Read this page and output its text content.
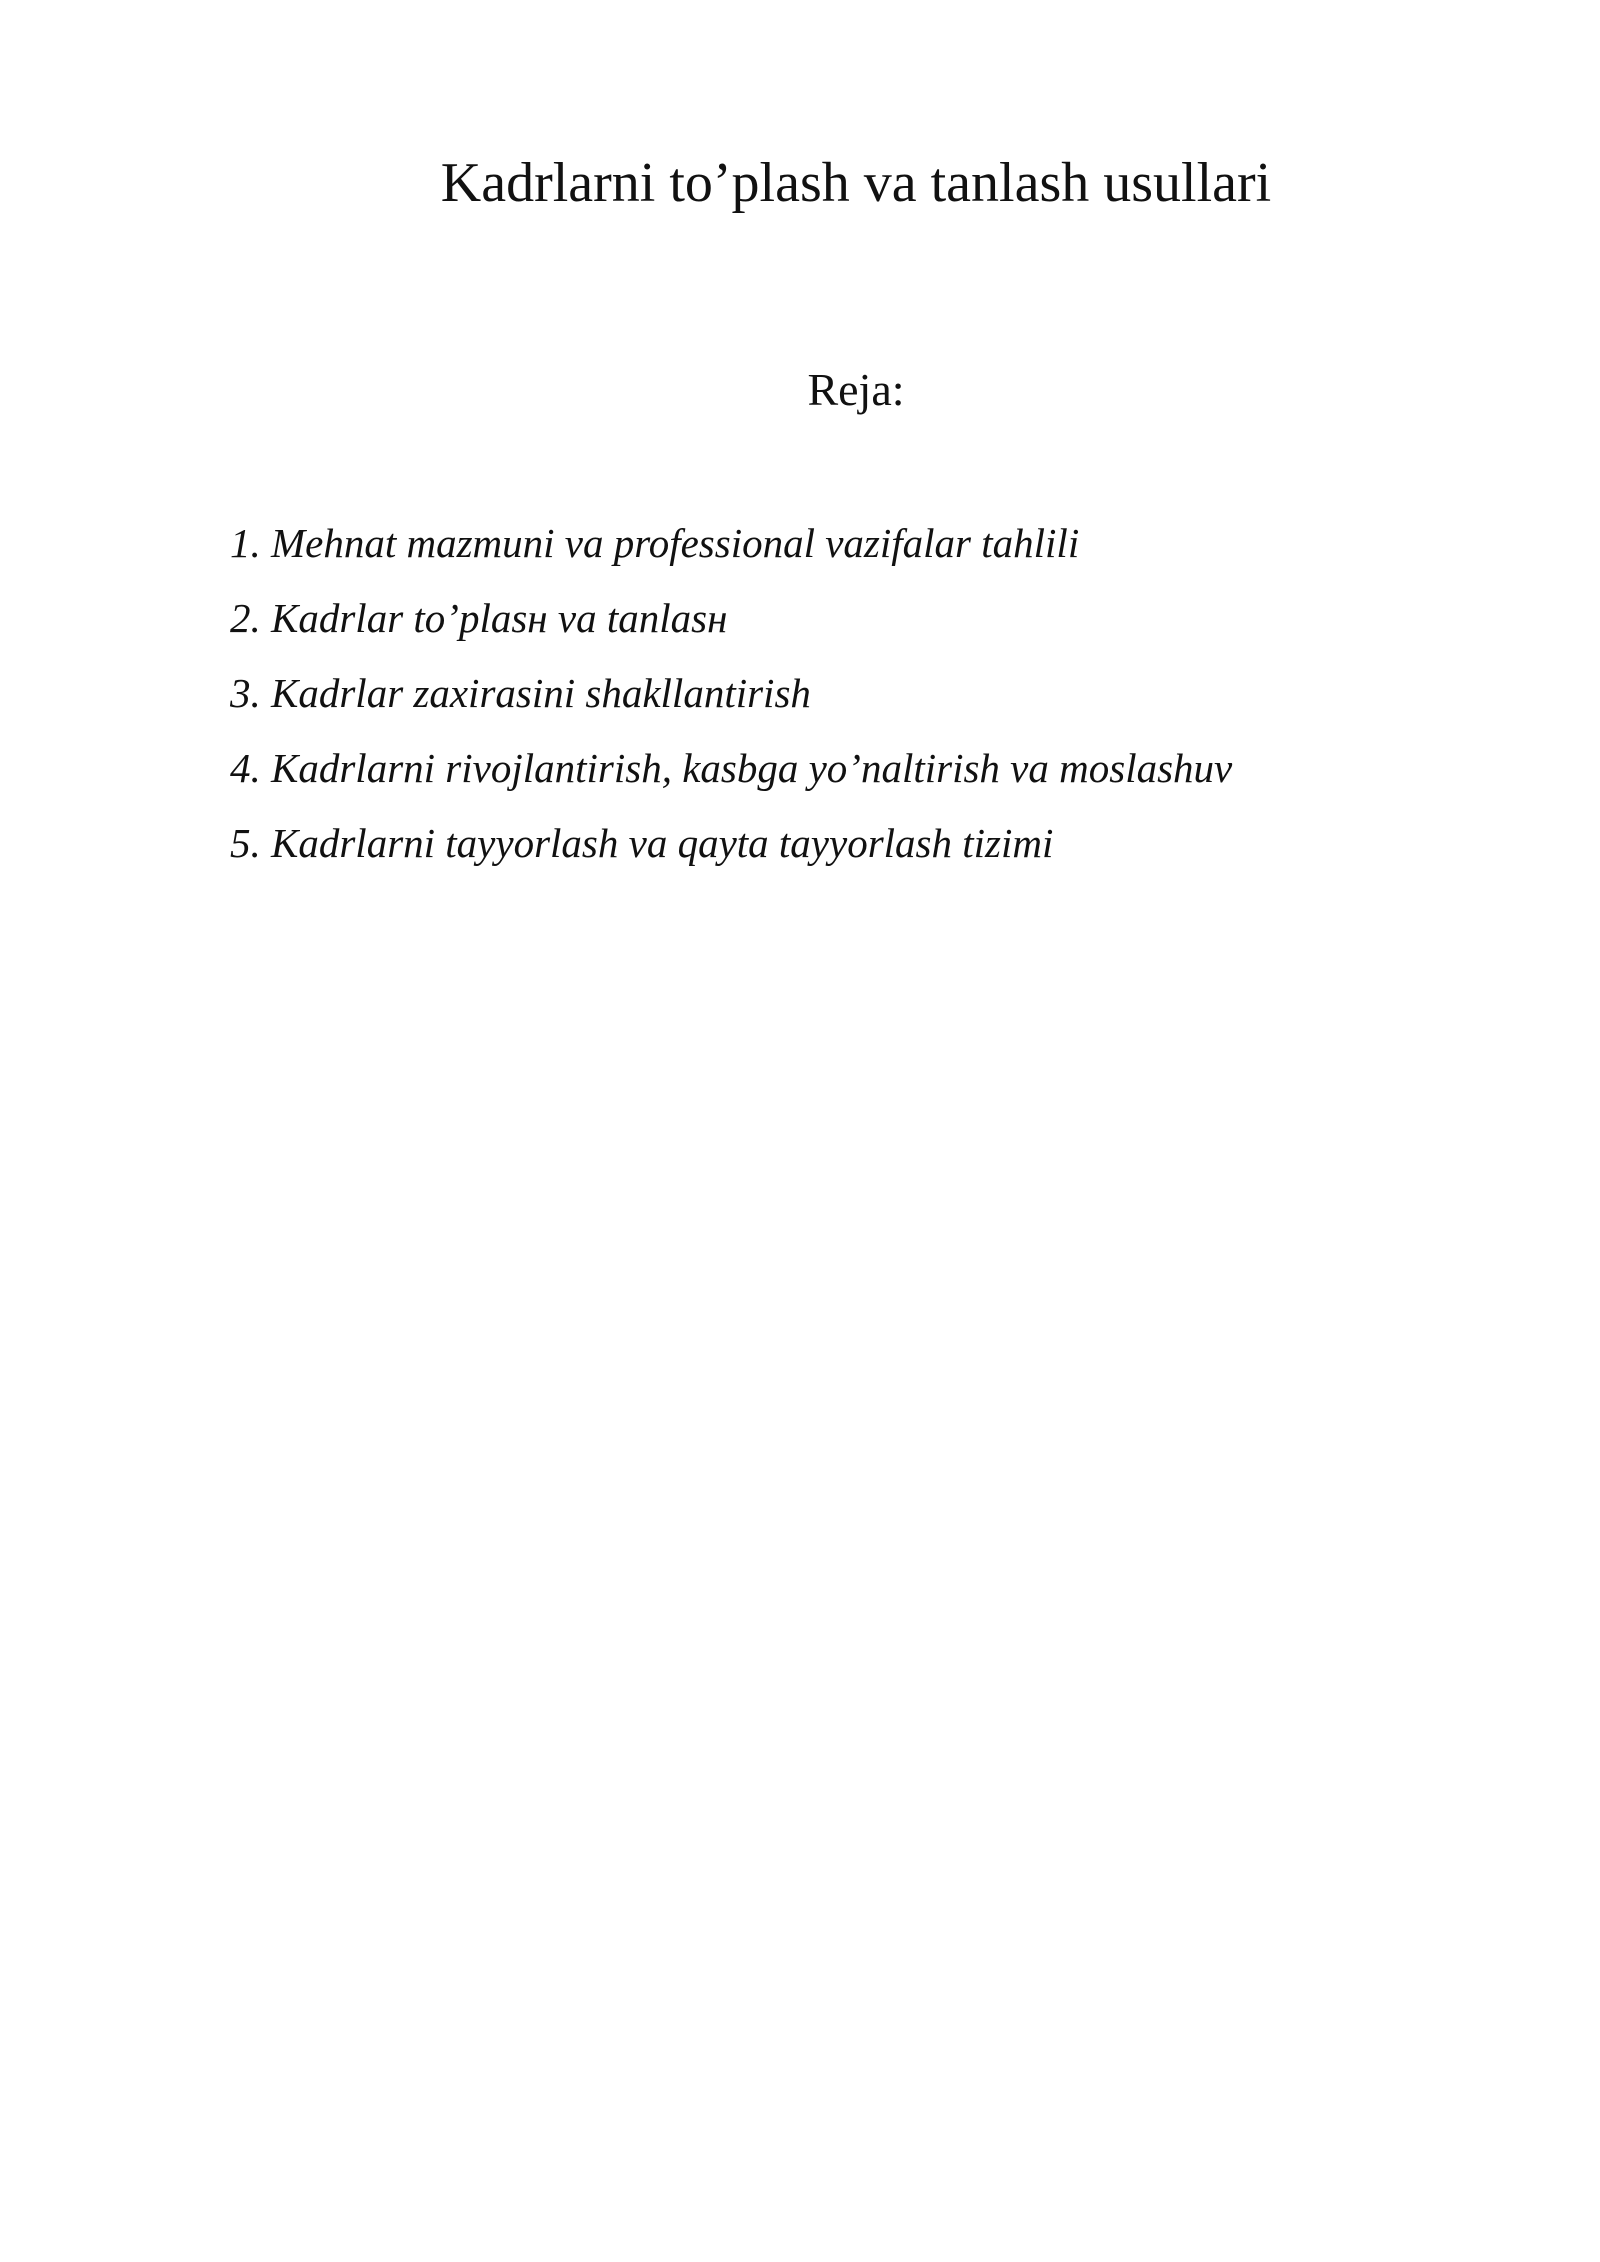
Kadrlarni to’plash va tanlash usullari
Reja:
1. Mehnat mazmuni va professional vazifalar tahlili
2. Kadrlar to’plasн va tanlasн
3. Kadrlar zaxirasini shakllantirish
4. Kadrlarni rivojlantirish, kasbga yo’naltirish va moslashuv
5. Kadrlarni tayyorlash va qayta tayyorlash tizimi
